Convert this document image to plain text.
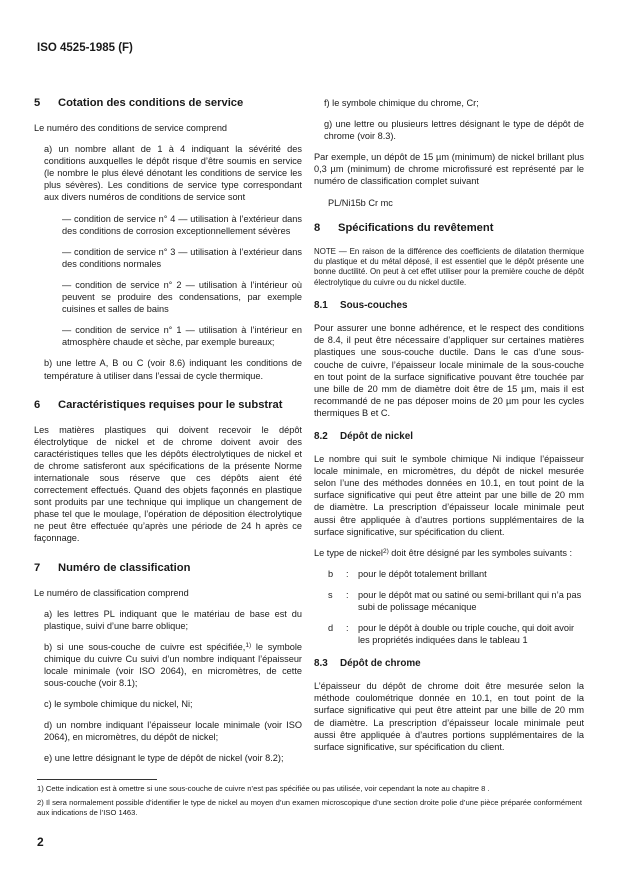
ISO 4525-1985 (F)
5 Cotation des conditions de service

Le numéro des conditions de service comprend

a) un nombre allant de 1 à 4 indiquant la sévérité des conditions auxquelles le dépôt risque d’être soumis en service (le nombre le plus élevé dénotant les conditions de service les plus sévères). Les conditions de service type correspondant aux divers numéros de conditions de service sont

— condition de service n° 4 — utilisation à l’extérieur dans des conditions de corrosion exceptionnellement sévères

— condition de service n° 3 — utilisation à l’extérieur dans des conditions normales

— condition de service n° 2 — utilisation à l’intérieur où peuvent se produire des condensations, par exemple cuisines et salles de bains

— condition de service n° 1 — utilisation à l’intérieur en atmosphère chaude et sèche, par exemple bureaux;

b) une lettre A, B ou C (voir 8.6) indiquant les conditions de température à utiliser dans l’essai de cycle thermique.

6 Caractéristiques requises pour le substrat

Les matières plastiques qui doivent recevoir le dépôt électrolytique de nickel et de chrome doivent avoir des caractéristiques telles que les dépôts électrolytiques de nickel et de chrome satisferont aux spécifications de la présente Norme internationale sous réserve que ces dépôts aient été correctement effectués. Quand des objets façonnés en plastique sont produits par une technique qui implique un changement de phase tel que le moulage, l’opération de déposition électrolytique ne peut être effectuée qu’après une période de 24 h après ce façonnage.

7 Numéro de classification

Le numéro de classification comprend

a) les lettres PL indiquant que le matériau de base est du plastique, suivi d’une barre oblique;

b) si une sous-couche de cuivre est spécifiée,$^{1)}$ le symbole chimique du cuivre Cu suivi d’un nombre indiquant l’épaisseur locale minimale (voir ISO 2064), en micromètres, de cette sous-couche (voir 8.1);

c) le symbole chimique du nickel, Ni;

d) un nombre indiquant l’épaisseur locale minimale (voir ISO 2064), en micromètres, du dépôt de nickel;

e) une lettre désignant le type de dépôt de nickel (voir 8.2);

f) le symbole chimique du chrome, Cr;

g) une lettre ou plusieurs lettres désignant le type de dépôt de chrome (voir 8.3).

Par exemple, un dépôt de 15 µm (minimum) de nickel brillant plus 0,3 µm (minimum) de chrome microfissuré est représenté par le numéro de classification complet suivant

PL/Ni15b Cr mc

8 Spécifications du revêtement

NOTE — En raison de la différence des coefficients de dilatation thermique du plastique et du métal déposé, il est essentiel que le dépôt présente une bonne ductilité. On peut à cet effet utiliser pour la première couche de dépôt électrolytique du cuivre ou du nickel ductile.

8.1 Sous-couches

Pour assurer une bonne adhérence, et le respect des conditions de 8.4, il peut être nécessaire d’appliquer sur certaines matières plastiques une sous-couche ductile. Dans le cas d’une sous-couche de cuivre, l’épaisseur locale minimale de la sous-couche en tout point de la surface significative pouvant être touchée par une bille de 20 mm de diamètre doit être de 15 µm, mais il est recommandé de ne pas déposer moins de 20 µm pour les cycles thermiques B et C.

8.2 Dépôt de nickel

Le nombre qui suit le symbole chimique Ni indique l’épaisseur locale minimale, en micromètres, du dépôt de nickel mesurée selon l’une des méthodes données en 10.1, en tout point de la surface significative qui peut être atteint par une bille de 20 mm de diamètre. La prescription d’épaisseur locale minimale peut aussi être appliquée à d’autres portions supplémentaires de la surface significative, sur spécification du client.

Le type de nickel$^{2)}$ doit être désigné par les symboles suivants :

b	:	pour le dépôt totalement brillant
s	:	pour le dépôt mat ou satiné ou semi-brillant qui n’a pas subi de polissage mécanique
d	:	pour le dépôt à double ou triple couche, qui doit avoir les propriétés indiquées dans le tableau 1
8.3 Dépôt de chrome

L’épaisseur du dépôt de chrome doit être mesurée selon la méthode coulométrique donnée en 10.1, en tout point de la surface significative qui peut être atteint par une bille de 20 mm de diamètre. La prescription d’épaisseur locale minimale peut aussi être appliquée à d’autres portions supplémentaires de la surface significative, sur spécification du client.

1) Cette indication est à omettre si une sous-couche de cuivre n’est pas spécifiée ou pas utilisée, voir cependant la note au chapitre 8 .

2) Il sera normalement possible d’identifier le type de nickel au moyen d’un examen microscopique d’une section droite polie d’une pièce préparée conformément aux indications de l’ISO 1463.

2
